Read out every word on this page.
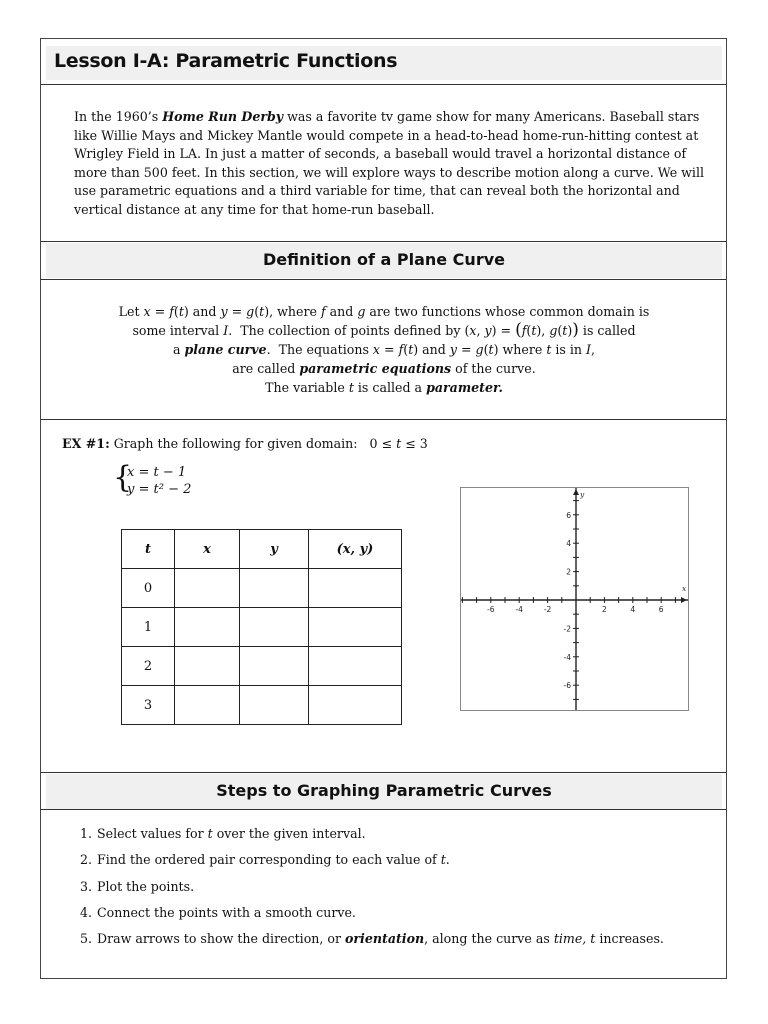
Lesson I-A: Parametric Functions
In the 1960’s Home Run Derby was a favorite tv game show for many Americans. Baseball stars like Willie Mays and Mickey Mantle would compete in a head-to-head home-run-hitting contest at Wrigley Field in LA. In just a matter of seconds, a baseball would travel a horizontal distance of more than 500 feet. In this section, we will explore ways to describe motion along a curve. We will use parametric equations and a third variable for time, that can reveal both the horizontal and vertical distance at any time for that home-run baseball.
Definition of a Plane Curve

Let x = f(t) and y = g(t), where f and g are two functions whose common domain is

some interval I.  The collection of points defined by (x, y) = (f(t), g(t)) is called

a plane curve.  The equations x = f(t) and y = g(t) where t is in I,

are called parametric equations of the curve.

The variable t is called a parameter.

EX #1: Graph the following for given domain:   0 ≤ t ≤ 3
{
x = t − 1
y = t² − 2
t	x	y	(x, y)
0			
1			
2			
3			
-6	-4	-2	2	4	6
6
4
2
-2
-4
-6
x
y
Steps to Graphing Parametric Curves
1. Select values for t over the given interval.
2. Find the ordered pair corresponding to each value of t.
3. Plot the points.
4. Connect the points with a smooth curve.
5. Draw arrows to show the direction, or orientation, along the curve as time, t increases.
